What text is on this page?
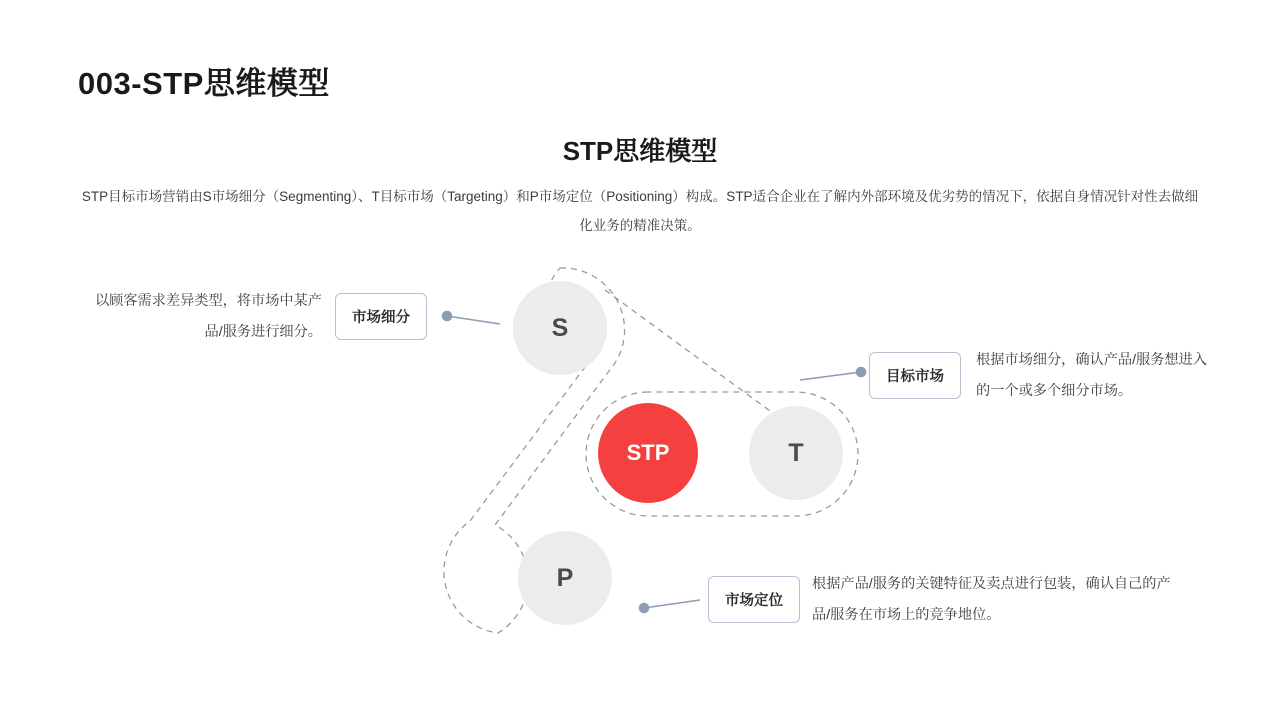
003-STP思维模型
STP思维模型
STP目标市场营销由S市场细分（Segmenting）、T目标市场（Targeting）和P市场定位（Positioning）构成。STP适合企业在了解内外部环境及优劣势的情况下，依据自身情况针对性去做细化业务的精准决策。
S
T
P
STP
市场细分
目标市场
市场定位
以顾客需求差异类型，将市场中某产品/服务进行细分。
根据市场细分，确认产品/服务想进入的一个或多个细分市场。
根据产品/服务的关键特征及卖点进行包装，确认自己的产品/服务在市场上的竞争地位。
